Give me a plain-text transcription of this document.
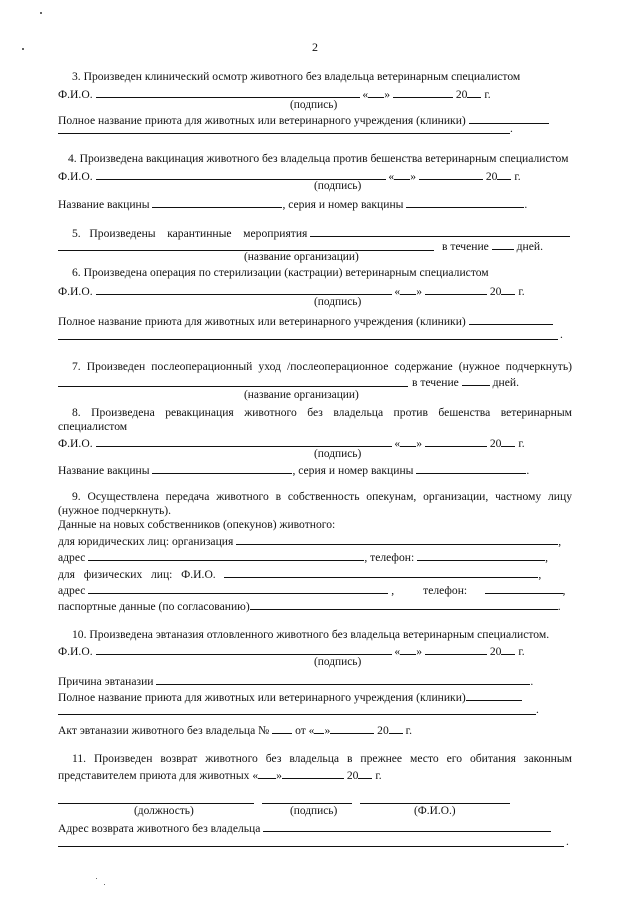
2
3. Произведен клинический осмотр животного без владельца ветеринарным специалистом
Ф.И.О.	« »	20 г.
(подпись)
Полное название приюта для животных или ветеринарного учреждения (клиники)
.
4. Произведена вакцинация животного без владельца против бешенства ветеринарным специалистом
Ф.И.О.	« »	20 г.
(подпись)
Название вакцины	, серия и номер вакцины	.
5. Произведены карантинные мероприятия
в течение дней.
(название организации)
6. Произведена операция по стерилизации (кастрации) ветеринарным специалистом
Ф.И.О.	« »	20 г.
(подпись)
Полное название приюта для животных или ветеринарного учреждения (клиники)
.
7. Произведен послеоперационный уход /послеоперационное содержание (нужное подчеркнуть)
в течение	дней.
(название организации)
8. Произведена ревакцинация животного без владельца против бешенства ветеринарным
специалистом
Ф.И.О.	« »	20 г.
(подпись)
Название вакцины	, серия и номер вакцины	.
9. Осуществлена передача животного в собственность опекунам, организации, частному лицу
(нужное подчеркнуть).
Данные на новых собственников (опекунов) животного:
для юридических лиц: организация	,
адрес	, телефон:	,
для физических лиц: Ф.И.О.	,
адрес	,          телефон:	,
паспортные данные (по согласованию)	.
10. Произведена эвтаназия отловленного животного без владельца ветеринарным специалистом.
Ф.И.О.	« »	20 г.
(подпись)
Причина эвтаназии	.
Полное название приюта для животных или ветеринарного учреждения (клиники)
.
Акт эвтаназии животного без владельца № от « »	20 г.
11. Произведен возврат животного без владельца в прежнее место его обитания законным
представителем приюта для животных « »	20 г.
(должность)	(подпись)	(Ф.И.О.)
Адрес возврата животного без владельца
.
